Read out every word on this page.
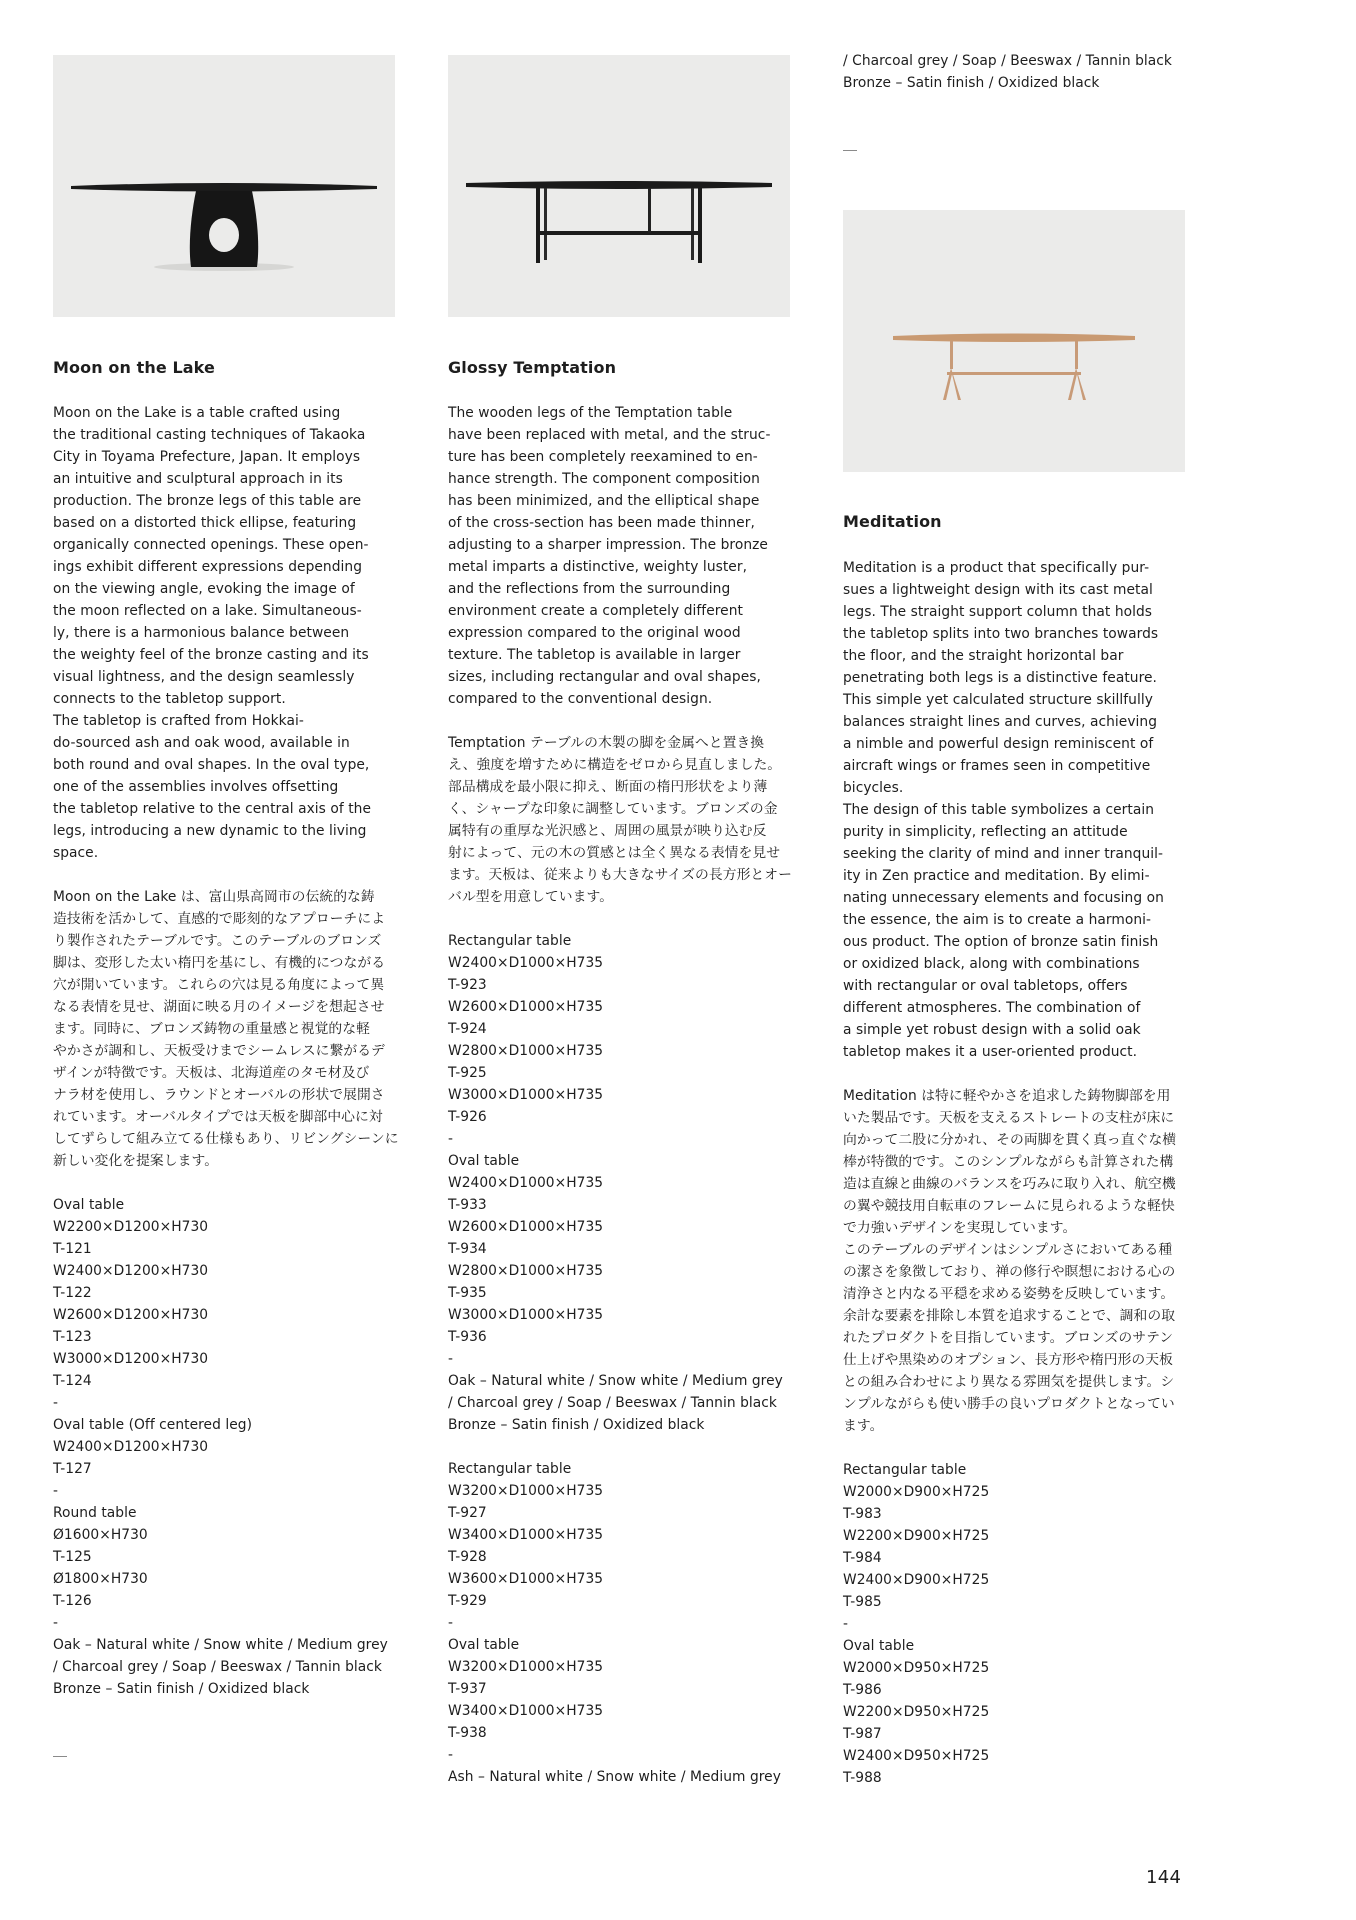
Moon on the Lake
Moon on the Lake is a table crafted using
the traditional casting techniques of Takaoka
City in Toyama Prefecture, Japan. It employs
an intuitive and sculptural approach in its
production. The bronze legs of this table are
based on a distorted thick ellipse, featuring
organically connected openings. These open-
ings exhibit different expressions depending
on the viewing angle, evoking the image of
the moon reflected on a lake. Simultaneous-
ly, there is a harmonious balance between
the weighty feel of the bronze casting and its
visual lightness, and the design seamlessly
connects to the tabletop support.
The tabletop is crafted from Hokkai-
do-sourced ash and oak wood, available in
both round and oval shapes. In the oval type,
one of the assemblies involves offsetting
the tabletop relative to the central axis of the
legs, introducing a new dynamic to the living
space.
Moon on the Lake は、富山県高岡市の伝統的な鋳
造技術を活かして、直感的で彫刻的なアプローチによ
り製作されたテーブルです。このテーブルのブロンズ
脚は、変形した太い楕円を基にし、有機的につながる
穴が開いています。これらの穴は見る角度によって異
なる表情を見せ、湖面に映る月のイメージを想起させ
ます。同時に、ブロンズ鋳物の重量感と視覚的な軽
やかさが調和し、天板受けまでシームレスに繋がるデ
ザインが特徴です。天板は、北海道産のタモ材及び
ナラ材を使用し、ラウンドとオーバルの形状で展開さ
れています。オーバルタイプでは天板を脚部中心に対
してずらして組み立てる仕様もあり、リビングシーンに
新しい変化を提案します。
Oval table
W2200×D1200×H730
T-121
W2400×D1200×H730
T-122
W2600×D1200×H730
T-123
W3000×D1200×H730
T-124
-
Oval table (Off centered leg)
W2400×D1200×H730
T-127
-
Round table
Ø1600×H730
T-125
Ø1800×H730
T-126
-
Oak – Natural white / Snow white / Medium grey
/ Charcoal grey / Soap / Beeswax / Tannin black
Bronze – Satin finish / Oxidized black
Glossy Temptation
The wooden legs of the Temptation table
have been replaced with metal, and the struc-
ture has been completely reexamined to en-
hance strength. The component composition
has been minimized, and the elliptical shape
of the cross-section has been made thinner,
adjusting to a sharper impression. The bronze
metal imparts a distinctive, weighty luster,
and the reflections from the surrounding
environment create a completely different
expression compared to the original wood
texture. The tabletop is available in larger
sizes, including rectangular and oval shapes,
compared to the conventional design.
Temptation テーブルの木製の脚を金属へと置き換
え、強度を増すために構造をゼロから見直しました。
部品構成を最小限に抑え、断面の楕円形状をより薄
く、シャープな印象に調整しています。ブロンズの金
属特有の重厚な光沢感と、周囲の風景が映り込む反
射によって、元の木の質感とは全く異なる表情を見せ
ます。天板は、従来よりも大きなサイズの長方形とオー
バル型を用意しています。
Rectangular table
W2400×D1000×H735
T-923
W2600×D1000×H735
T-924
W2800×D1000×H735
T-925
W3000×D1000×H735
T-926
-
Oval table
W2400×D1000×H735
T-933
W2600×D1000×H735
T-934
W2800×D1000×H735
T-935
W3000×D1000×H735
T-936
-
Oak – Natural white / Snow white / Medium grey
/ Charcoal grey / Soap / Beeswax / Tannin black
Bronze – Satin finish / Oxidized black
Rectangular table
W3200×D1000×H735
T-927
W3400×D1000×H735
T-928
W3600×D1000×H735
T-929
-
Oval table
W3200×D1000×H735
T-937
W3400×D1000×H735
T-938
-
Ash – Natural white / Snow white / Medium grey
/ Charcoal grey / Soap / Beeswax / Tannin black
Bronze – Satin finish / Oxidized black
Meditation
Meditation is a product that specifically pur-
sues a lightweight design with its cast metal
legs. The straight support column that holds
the tabletop splits into two branches towards
the floor, and the straight horizontal bar
penetrating both legs is a distinctive feature.
This simple yet calculated structure skillfully
balances straight lines and curves, achieving
a nimble and powerful design reminiscent of
aircraft wings or frames seen in competitive
bicycles.
The design of this table symbolizes a certain
purity in simplicity, reflecting an attitude
seeking the clarity of mind and inner tranquil-
ity in Zen practice and meditation. By elimi-
nating unnecessary elements and focusing on
the essence, the aim is to create a harmoni-
ous product. The option of bronze satin finish
or oxidized black, along with combinations
with rectangular or oval tabletops, offers
different atmospheres. The combination of
a simple yet robust design with a solid oak
tabletop makes it a user-oriented product.
Meditation は特に軽やかさを追求した鋳物脚部を用
いた製品です。天板を支えるストレートの支柱が床に
向かって二股に分かれ、その両脚を貫く真っ直ぐな横
棒が特徴的です。このシンプルながらも計算された構
造は直線と曲線のバランスを巧みに取り入れ、航空機
の翼や競技用自転車のフレームに見られるような軽快
で力強いデザインを実現しています。
このテーブルのデザインはシンプルさにおいてある種
の潔さを象徴しており、禅の修行や瞑想における心の
清浄さと内なる平穏を求める姿勢を反映しています。
余計な要素を排除し本質を追求することで、調和の取
れたプロダクトを目指しています。ブロンズのサテン
仕上げや黒染めのオプション、長方形や楕円形の天板
との組み合わせにより異なる雰囲気を提供します。シ
ンプルながらも使い勝手の良いプロダクトとなってい
ます。
Rectangular table
W2000×D900×H725
T-983
W2200×D900×H725
T-984
W2400×D900×H725
T-985
-
Oval table
W2000×D950×H725
T-986
W2200×D950×H725
T-987
W2400×D950×H725
T-988
144
